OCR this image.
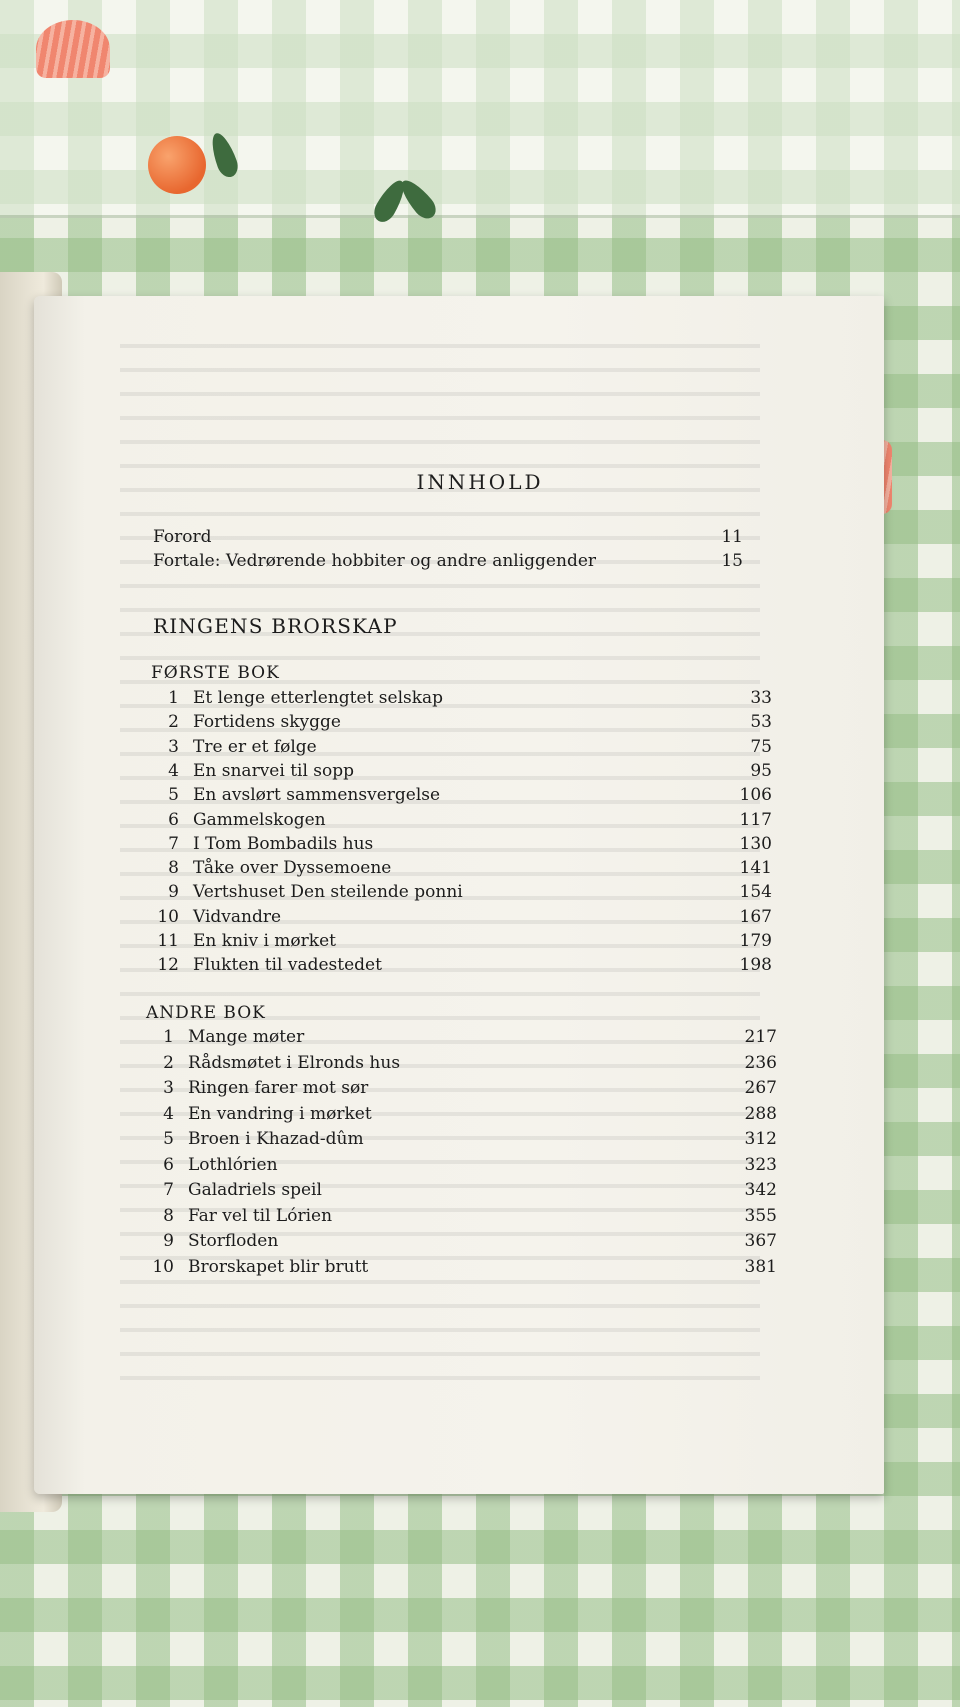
INNHOLD
Forord	11
Fortale: Vedrørende hobbiter og andre anliggender	15
RINGENS BRORSKAP
FØRSTE BOK
1 Et lenge etterlengtet selskap	33
2 Fortidens skygge	53
3 Tre er et følge	75
4 En snarvei til sopp	95
5 En avslørt sammensvergelse	106
6 Gammelskogen	117
7 I Tom Bombadils hus	130
8 Tåke over Dyssemoene	141
9 Vertshuset Den steilende ponni	154
10 Vidvandre	167
11 En kniv i mørket	179
12 Flukten til vadestedet	198
ANDRE BOK
1 Mange møter	217
2 Rådsmøtet i Elronds hus	236
3 Ringen farer mot sør	267
4 En vandring i mørket	288
5 Broen i Khazad-dûm	312
6 Lothlórien	323
7 Galadriels speil	342
8 Far vel til Lórien	355
9 Storfloden	367
10 Brorskapet blir brutt	381
